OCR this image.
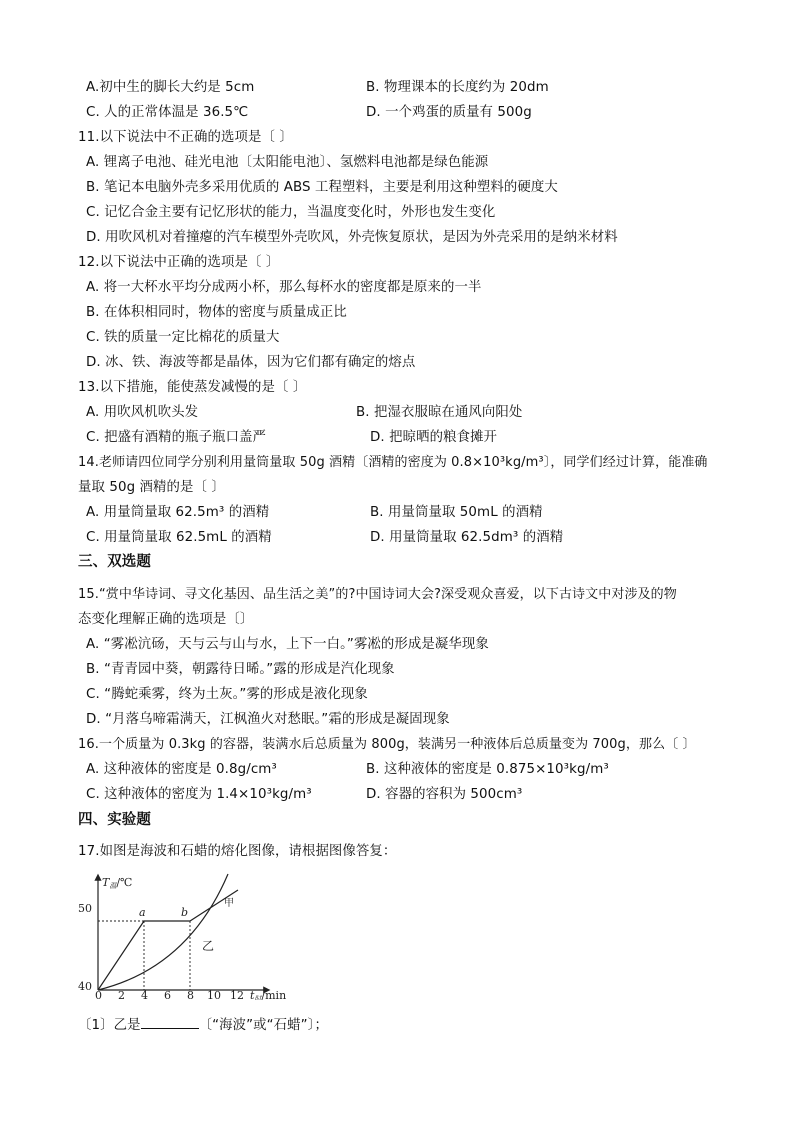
A.初中生的脚长大约是 5cm	B. 物理课本的长度约为 20dm
C. 人的正常体温是 36.5℃	D. 一个鸡蛋的质量有 500g
11.以下说法中不正确的选项是〔 〕
A. 锂离子电池、硅光电池〔太阳能电池〕、氢燃料电池都是绿色能源
B. 笔记本电脑外壳多采用优质的 ABS 工程塑料，主要是利用这种塑料的硬度大
C. 记忆合金主要有记忆形状的能力，当温度变化时，外形也发生变化
D. 用吹风机对着撞瘪的汽车模型外壳吹风，外壳恢复原状，是因为外壳采用的是纳米材料
12.以下说法中正确的选项是〔 〕
A. 将一大杯水平均分成两小杯，那么每杯水的密度都是原来的一半
B. 在体积相同时，物体的密度与质量成正比
C. 铁的质量一定比棉花的质量大
D. 冰、铁、海波等都是晶体，因为它们都有确定的熔点
13.以下措施，能使蒸发减慢的是〔 〕
A. 用吹风机吹头发	B. 把湿衣服晾在通风向阳处
C. 把盛有酒精的瓶子瓶口盖严	D. 把晾晒的粮食摊开
14.老师请四位同学分别利用量筒量取 50g 酒精〔酒精的密度为 0.8×10³kg/m³〕，同学们经过计算，能准确
量取 50g 酒精的是〔 〕
A. 用量筒量取 62.5m³ 的酒精	B. 用量筒量取 50mL 的酒精
C. 用量筒量取 62.5mL 的酒精	D. 用量筒量取 62.5dm³ 的酒精
三、双选题
15.“赏中华诗词、寻文化基因、品生活之美”的?中国诗词大会?深受观众喜爱，以下古诗文中对涉及的物
态变化理解正确的选项是〔〕
A. “雾凇沆砀，天与云与山与水，上下一白。”雾凇的形成是凝华现象
B. “青青园中葵，朝露待日晞。”露的形成是汽化现象
C. “腾蛇乘雾，终为土灰。”雾的形成是液化现象
D. “月落乌啼霜满天，江枫渔火对愁眠。”霜的形成是凝固现象
16.一个质量为 0.3kg 的容器，装满水后总质量为 800g，装满另一种液体后总质量变为 700g，那么〔 〕
A. 这种液体的密度是 0.8g/cm³	B. 这种液体的密度是 0.875×10³kg/m³
C. 这种液体的密度为 1.4×10³kg/m³	D. 容器的容积为 500cm³
四、实验题
17.如图是海波和石蜡的熔化图像，请根据图像答复：
T温/℃
50
40
a	b
甲
乙
0 2 4 6 8 10 12 t时/min
〔1〕乙是	〔“海波”或“石蜡”〕；
